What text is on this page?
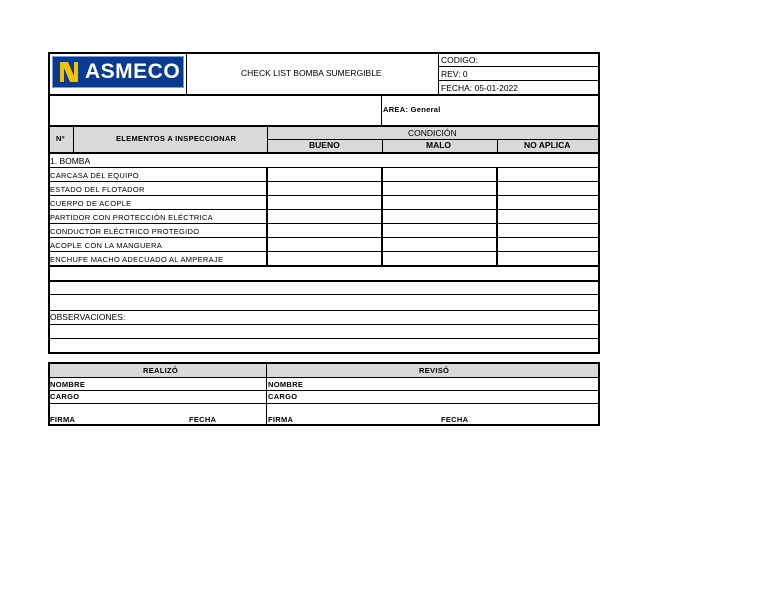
ASMECO	CHECK LIST BOMBA SUMERGIBLE
CODIGO:
REV: 0
FECHA: 05-01-2022
AREA: General
Nº	ELEMENTOS A INSPECCIONAR
CONDICIÓN
BUENO	MALO	NO APLICA
1. BOMBA
CARCASA DEL EQUIPO
ESTADO DEL FLOTADOR
CUERPO DE ACOPLE
PARTIDOR CON PROTECCIÓN ELÉCTRICA
CONDUCTOR ELÉCTRICO PROTEGIDO
ACOPLE CON LA MANGUERA
ENCHUFE MACHO ADECUADO AL AMPERAJE
OBSERVACIONES:
REALIZÓ	REVISÓ
NOMBRE	NOMBRE
CARGO	CARGO
FIRMA	FECHA	FIRMA	FECHA
